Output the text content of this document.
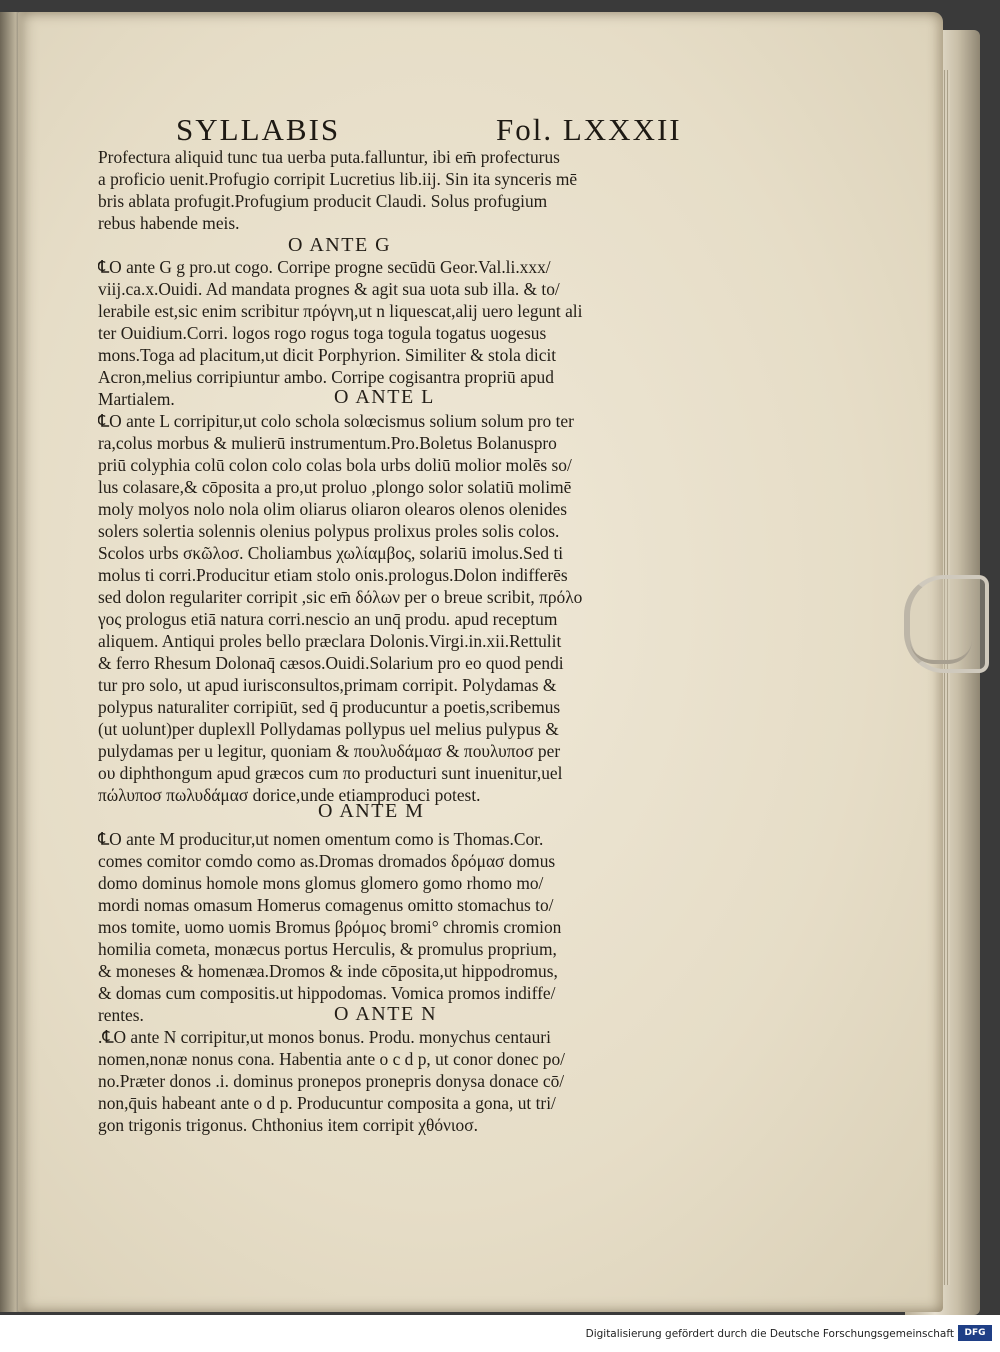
SYLLABIS	Fol. LXXXII
O ANTE G
O ANTE L
O ANTE M
O ANTE N
Profectura aliquid tunc tua uerba puta.falluntur, ibi em̄ profecturus
a proficio uenit.Profugio corripit Lucretius lib.iij. Sin ita synceris mē
bris ablata profugit.Profugium producit Claudi. Solus profugium
rebus habende meis.
℄O ante G g pro.ut cogo. Corripe progne secūdū Geor.Val.li.xxx/
viij.ca.x.Ouidi. Ad mandata prognes & agit sua uota sub illa. & to/
lerabile est,sic enim scribitur πρόγνη,ut n liquescat,alij uero legunt ali
ter Ouidium.Corri. logos rogo rogus toga togula togatus uogesus
mons.Toga ad placitum,ut dicit Porphyrion. Similiter & stola dicit
Acron,melius corripiuntur ambo. Corripe cogisantra propriū apud
Martialem.
℄O ante L corripitur,ut colo schola solœcismus solium solum pro ter
ra,colus morbus & mulierū instrumentum.Pro.Boletus Bolanuspro
priū colyphia colū colon colo colas bola urbs doliū molior molēs so/
lus colasare,& cōposita a pro,ut proluo ,plongo solor solatiū molimē
moly molyos nolo nola olim oliarus oliaron olearos olenos olenides
solers solertia solennis olenius polypus prolixus proles solis colos.
Scolos urbs σκῶλοσ. Choliambus χωλίαμβος, solariū imolus.Sed ti
molus ti corri.Producitur etiam stolo onis.prologus.Dolon indifferēs
sed dolon regulariter corripit ,sic em̄ δόλων per o breue scribit, πρόλο
γος prologus etiā natura corri.nescio an unq̄ produ. apud receptum
aliquem. Antiqui proles bello præclara Dolonis.Virgi.in.xii.Rettulit
& ferro Rhesum Dolonaq̄ cæsos.Ouidi.Solarium pro eo quod pendi
tur pro solo, ut apud iurisconsultos,primam corripit. Polydamas &
polypus naturaliter corripiūt, sed q̄ producuntur a poetis,scribemus
(ut uolunt)per duplexll Pollydamas pollypus uel melius pulypus &
pulydamas per u legitur, quoniam & πουλυδάμασ & πουλυποσ per
ου diphthongum apud græcos cum πο producturi sunt inuenitur,uel
πώλυποσ πωλυδάμασ dorice,unde etiamproduci potest.
℄O ante M producitur,ut nomen omentum como is Thomas.Cor.
comes comitor comdo como as.Dromas dromados δρόμασ domus
domo dominus homole mons glomus glomero gomo rhomo mo/
mordi nomas omasum Homerus comagenus omitto stomachus to/
mos tomite, uomo uomis Bromus βρόμος bromi° chromis cromion
homilia cometa, monæcus portus Herculis, & promulus proprium,
& moneses & homenæa.Dromos & inde cōposita,ut hippodromus,
& domas cum compositis.ut hippodomas. Vomica promos indiffe/
rentes.
.℄O ante N corripitur,ut monos bonus. Produ. monychus centauri
nomen,nonæ nonus cona. Habentia ante o c d p, ut conor donec po/
no.Præter donos .i. dominus pronepos pronepris donysa donace cō/
non,q̄uis habeant ante o d p. Producuntur composita a gona, ut tri/
gon trigonis trigonus. Chthonius item corripit χθόνιοσ.
Digitalisierung gefördert durch die Deutsche Forschungsgemeinschaft	DFG
